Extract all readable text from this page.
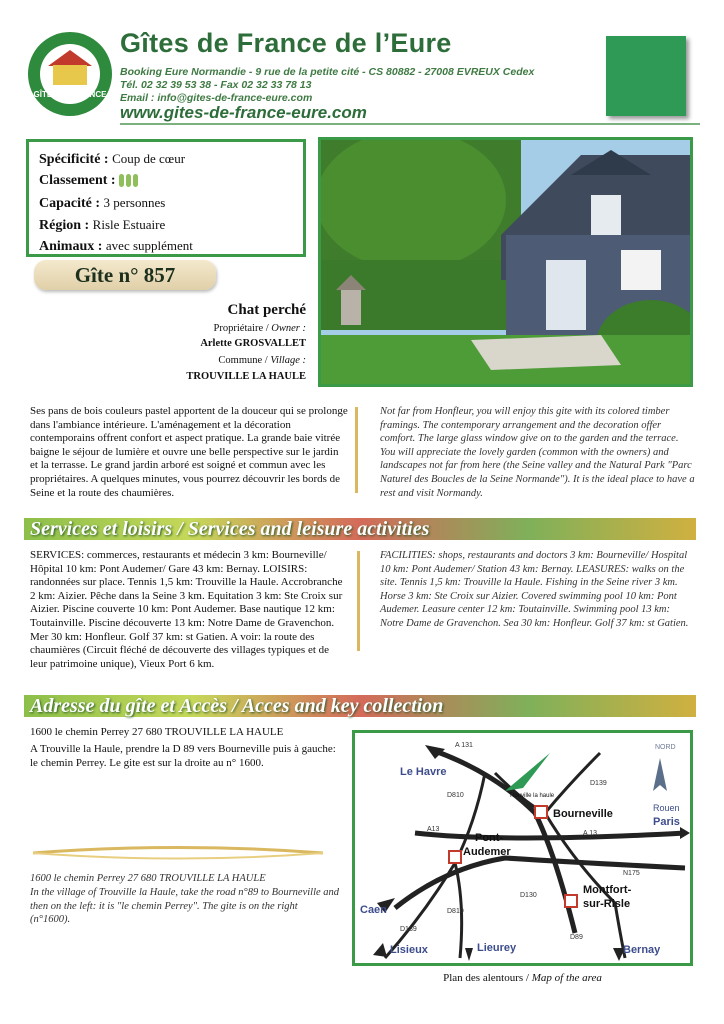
GÎTES DE FRANCE
Gîtes de France de l’Eure
Booking Eure Normandie - 9 rue de la petite cité - CS 80882 - 27008 EVREUX Cedex
Tél. 02 32 39 53 38 - Fax 02 32 33 78 13
Email : info@gites-de-france-eure.com
www.gites-de-france-eure.com
Spécificité : Coup de cœur
Classement :
Capacité : 3 personnes
Région : Risle Estuaire
Animaux : avec supplément
Gîte n° 857
Chat perché
Propriétaire / Owner :
Arlette GROSVALLET
Commune / Village :
TROUVILLE LA HAULE
Ses pans de bois couleurs pastel apportent de la douceur qui se prolonge dans l'ambiance intérieure. L'aménagement et la décoration contemporains offrent confort et aspect pratique. La grande baie vitrée baigne le séjour de lumière et ouvre une belle perspective sur le jardin et la terrasse. Le grand jardin arboré est soigné et commun avec les propriétaires. A quelques minutes, vous pourrez découvrir les bords de Seine et la route des chaumières.
Not far from Honfleur, you will enjoy this gite with its colored timber framings. The contemporary arrangement and the decoration offer comfort. The large glass window give on to the garden and the terrace. You will appreciate the lovely garden (common with the owners) and landscapes not far from here (the Seine valley and the Natural Park "Parc Naturel des Boucles de la Seine Normande"). It is the ideal place to have a rest and visit Normandy.
Services et loisirs / Services and leisure activities
SERVICES: commerces, restaurants et médecin 3 km: Bourneville/ Hôpital 10 km: Pont Audemer/ Gare 43 km: Bernay. LOISIRS: randonnées sur place. Tennis 1,5 km: Trouville la Haule. Accrobranche 2 km: Aizier. Pêche dans la Seine 3 km. Equitation 3 km: Ste Croix sur Aizier. Piscine couverte 10 km: Pont Audemer. Base nautique 12 km: Toutainville. Piscine découverte 13 km: Notre Dame de Gravenchon. Mer 30 km: Honfleur. Golf 37 km: st Gatien. A voir: la route des chaumières (Circuit fléché de découverte des villages typiques et de leur patrimoine unique), Vieux Port 6 km.
FACILITIES: shops, restaurants and doctors 3 km: Bourneville/ Hospital 10 km: Pont Audemer/ Station 43 km: Bernay. LEASURES: walks on the site. Tennis 1,5 km: Trouville la Haule. Fishing in the Seine river 3 km. Horse 3 km: Ste Croix sur Aizier. Covered swimming pool 10 km: Pont Audemer. Leasure center 12 km: Toutainville. Swimming pool 13 km: Notre Dame de Gravenchon. Sea 30 km: Honfleur. Golf 37 km: st Gatien.
Adresse du gîte et Accès / Acces and key collection
1600 le chemin Perrey 27 680 TROUVILLE LA HAULE
A Trouville la Haule, prendre la D 89 vers Bourneville puis à gauche: le chemin Perrey. Le gite est sur la droite au n° 1600.
1600 le chemin Perrey 27 680 TROUVILLE LA HAULE
In the village of Trouville la Haule, take the road n°89 to Bourneville and then on the left: it is "le chemin Perrey". The gite is on the right (n°1600).
NORD
Le Havre
Bourneville
Pont-
Audemer
Montfort-
sur-Risle
Caen
Lisieux	Lieurey	Bernay
Rouen
Paris
Trouville la haule
A 131
D139
D810
A13
A 13
N175
D130
D810
D139
D89
Plan des alentours / Map of the area
